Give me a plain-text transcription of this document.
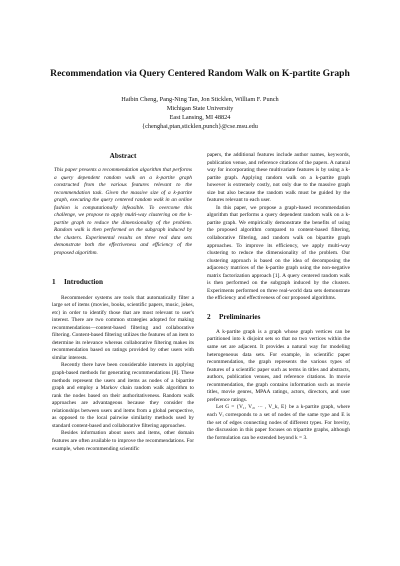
Recommendation via Query Centered Random Walk on K-partite Graph
Haibin Cheng, Pang-Ning Tan, Jon Sticklen, William F. Punch
Michigan State University
East Lansing, MI 48824
{chenghai,ptan,sticklen,punch}@cse.msu.edu
Abstract

This paper presents a recommendation algorithm that performs a query dependent random walk on a k-partite graph constructed from the various features relevant to the recommendation task. Given the massive size of a k-partite graph, executing the query centered random walk in an online fashion is computationally infeasible. To overcome this challenge, we propose to apply multi-way clustering on the k-partite graph to reduce the dimensionality of the problem. Random walk is then performed on the subgraph induced by the clusters. Experimental results on three real data sets demonstrate both the effectiveness and efficiency of the proposed algorithm.

1 Introduction

Recommender systems are tools that automatically filter a large set of items (movies, books, scientific papers, music, jokes, etc) in order to identify those that are most relevant to user's interest. There are two common strategies adopted for making recommendations—content-based filtering and collaborative filtering. Content-based filtering utilizes the features of an item to determine its relevance whereas collaborative filtering makes its recommendation based on ratings provided by other users with similar interests.

Recently there have been considerable interests in applying graph-based methods for generating recommendations [8]. These methods represent the users and items as nodes of a bipartite graph and employ a Markov chain random walk algorithm to rank the nodes based on their authoritativeness. Random walk approaches are advantageous because they consider the relationships between users and items from a global perspective, as opposed to the local pairwise similarity methods used by standard content-based and collaborative filtering approaches.

Besides information about users and items, other domain features are often available to improve the recommendations. For example, when recommending scientific

papers, the additional features include author names, keywords, publication venue, and reference citations of the papers. A natural way for incorporating these multivariate features is by using a k-partite graph. Applying random walk on a k-partite graph however is extremely costly, not only due to the massive graph size but also because the random walk must be guided by the features relevant to each user.

In this paper, we propose a graph-based recommendation algorithm that performs a query dependent random walk on a k-partite graph. We empirically demonstrate the benefits of using the proposed algorithm compared to content-based filtering, collaborative filtering, and random walk on bipartite graph approaches. To improve its efficiency, we apply multi-way clustering to reduce the dimensionality of the problem. Our clustering approach is based on the idea of decomposing the adjacency matrices of the k-partite graph using the non-negative matrix factorization approach [1]. A query centered random walk is then performed on the subgraph induced by the clusters. Experiments performed on three real-world data sets demonstrate the efficiency and effectiveness of our proposed algorithms.

2 Preliminaries

A k-partite graph is a graph whose graph vertices can be partitioned into k disjoint sets so that no two vertices within the same set are adjacent. It provides a natural way for modeling heterogeneous data sets. For example, in scientific paper recommendation, the graph represents the various types of features of a scientific paper such as terms in titles and abstracts, authors, publication venues, and reference citations. In movie recommendation, the graph contains information such as movie titles, movie genres, MPAA ratings, actors, directors, and user preference ratings.

Let G = {V₁, V₂, ··· , V_k, E} be a k-partite graph, where each Vᵢ corresponds to a set of nodes of the same type and E is the set of edges connecting nodes of different types. For brevity, the discussion in this paper focuses on tripartite graphs, although the formulation can be extended beyond k = 3.
